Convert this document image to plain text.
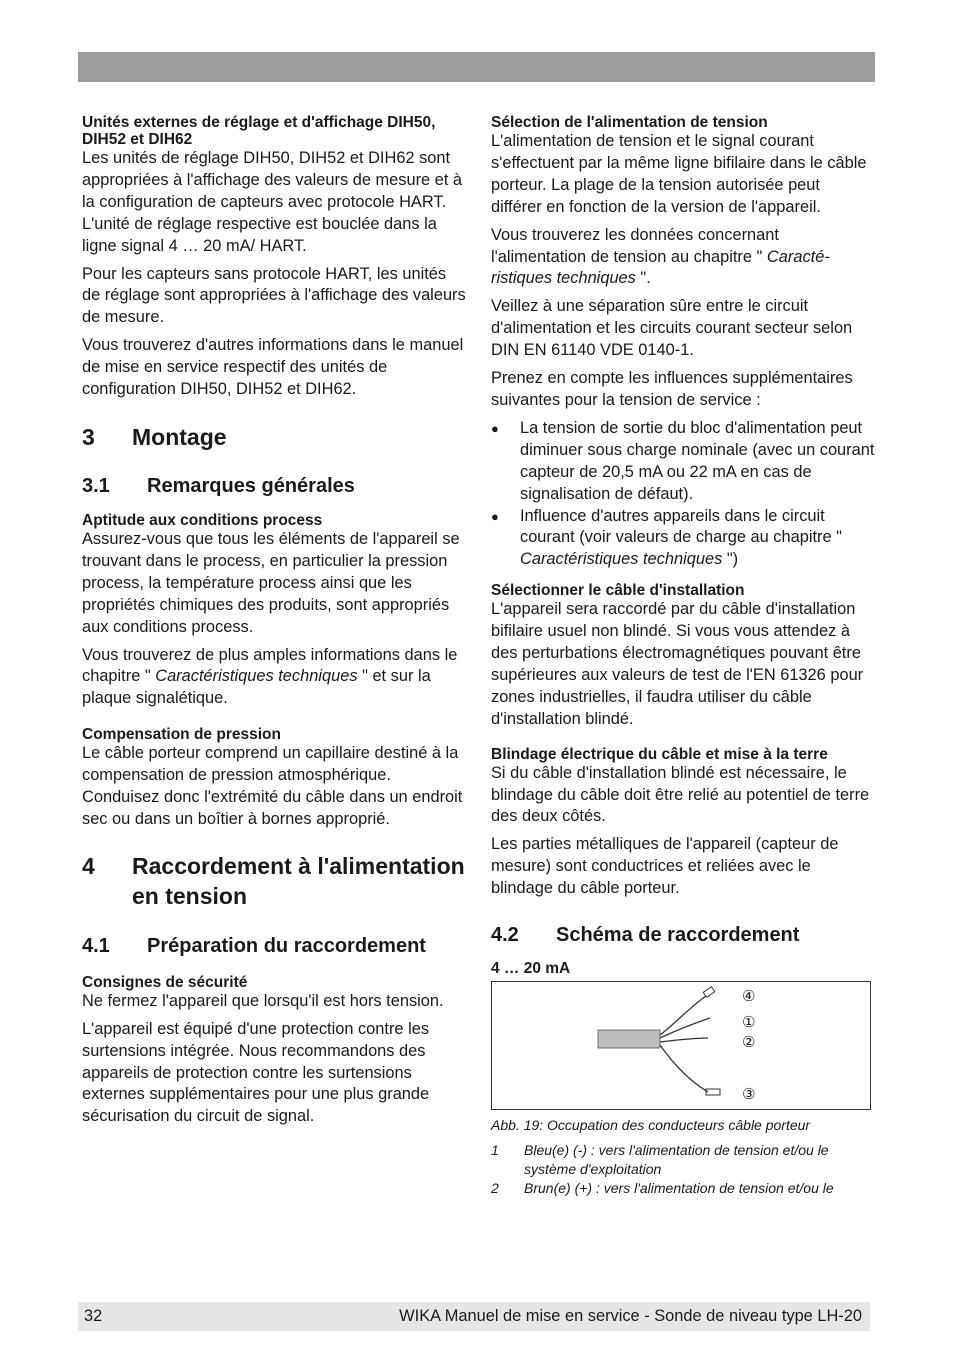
Unités externes de réglage et d'affichage DIH50, DIH52 et DIH62

Les unités de réglage DIH50, DIH52 et DIH62 sont appropriées à l'affichage des valeurs de mesure et à la configuration de capteurs avec protocole HART. L'unité de réglage respective est bouclée dans la ligne signal 4 … 20 mA/ HART.

Pour les capteurs sans protocole HART, les unités de réglage sont appropriées à l'affichage des valeurs de mesure.

Vous trouverez d'autres informations dans le manuel de mise en service respectif des unités de configuration DIH50, DIH52 et DIH62.

3	Montage
3.1	Remarques générales
Aptitude aux conditions process

Assurez-vous que tous les éléments de l'appareil se trouvant dans le process, en particulier la pression process, la température process ainsi que les propriétés chimiques des produits, sont appropriés aux conditions process.

Vous trouverez de plus amples informations dans le chapitre " Caractéristiques techniques " et sur la plaque signalétique.

Compensation de pression

Le câble porteur comprend un capillaire destiné à la compensation de pression atmosphérique. Conduisez donc l'extrémité du câble dans un endroit sec ou dans un boîtier à bornes approprié.

4	Raccordement à l'alimentation en tension
4.1	Préparation du raccordement
Consignes de sécurité

Ne fermez l'appareil que lorsqu'il est hors tension.

L'appareil est équipé d'une protection contre les surtensions intégrée. Nous recommandons des appareils de protection contre les surtensions externes supplémentaires pour une plus grande sécurisation du circuit de signal.

Sélection de l'alimentation de tension

L'alimentation de tension et le signal courant s'effectuent par la même ligne bifilaire dans le câble porteur. La plage de la tension autorisée peut différer en fonction de la version de l'appareil.

Vous trouverez les données concernant l'alimentation de tension au chapitre " Caractéristiques techniques ".

Veillez à une séparation sûre entre le circuit d'alimentation et les circuits courant secteur selon DIN EN 61140 VDE 0140-1.

Prenez en compte les influences supplémentaires suivantes pour la tension de service :

● La tension de sortie du bloc d'alimentation peut diminuer sous charge nominale (avec un courant capteur de 20,5 mA ou 22 mA en cas de signalisation de défaut).
● Influence d'autres appareils dans le circuit courant (voir valeurs de charge au chapitre " Caractéristiques techniques ")
Sélectionner le câble d'installation

L'appareil sera raccordé par du câble d'installation bifilaire usuel non blindé. Si vous vous attendez à des perturbations électromagnétiques pouvant être supérieures aux valeurs de test de l'EN 61326 pour zones industrielles, il faudra utiliser du câble d'installation blindé.

Blindage électrique du câble et mise à la terre

Si du câble d'installation blindé est nécessaire, le blindage du câble doit être relié au potentiel de terre des deux côtés.

Les parties métalliques de l'appareil (capteur de mesure) sont conductrices et reliées avec le blindage du câble porteur.

4.2	Schéma de raccordement
4 … 20 mA
④
①
②
③
Abb. 19: Occupation des conducteurs câble porteur
1	Bleu(e) (-) : vers l'alimentation de tension et/ou le système d'exploitation
2	Brun(e) (+) : vers l'alimentation de tension et/ou le
32	WIKA Manuel de mise en service - Sonde de niveau type LH-20
